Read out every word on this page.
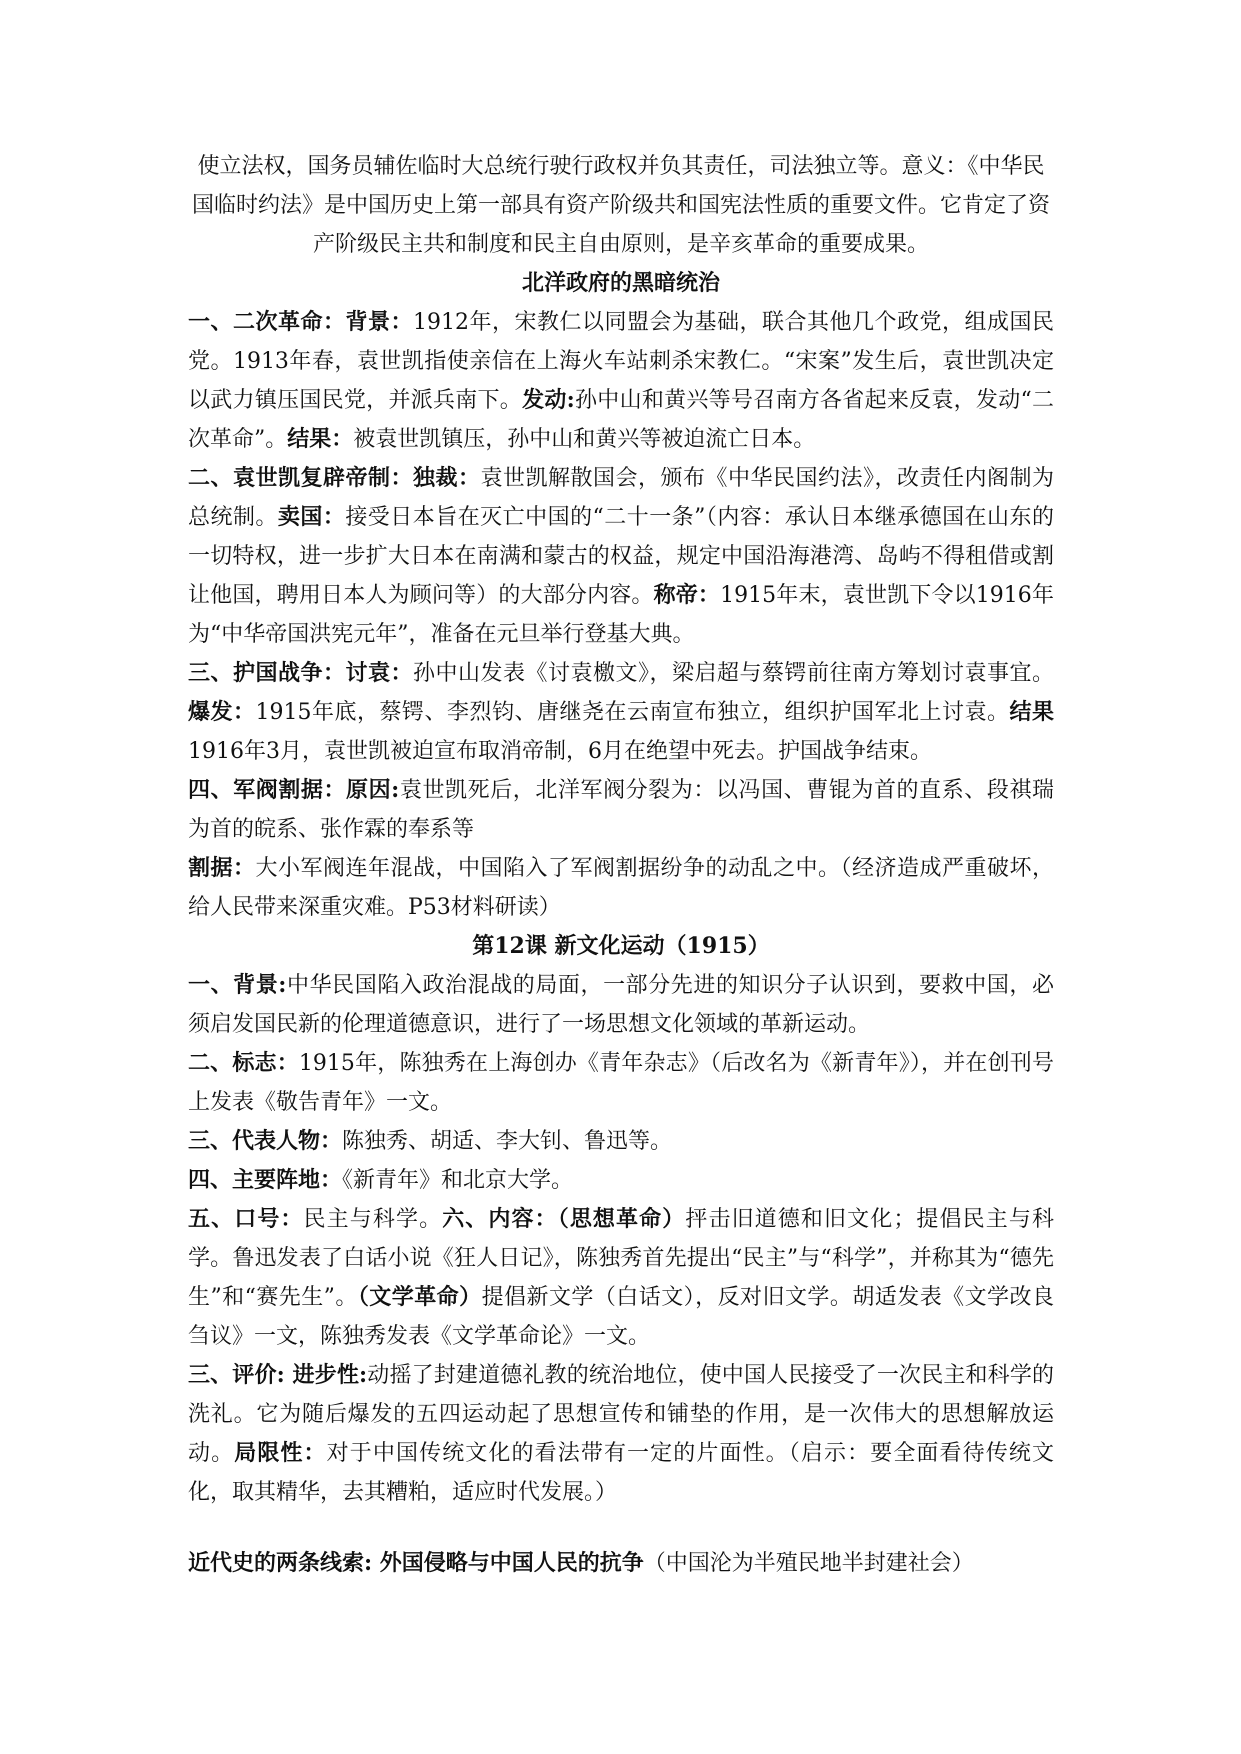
使立法权，国务员辅佐临时大总统行驶行政权并负其责任，司法独立等。意义：《中华民国临时约法》是中国历史上第一部具有资产阶级共和国宪法性质的重要文件。它肯定了资产阶级民主共和制度和民主自由原则，是辛亥革命的重要成果。

北洋政府的黑暗统治

一、二次革命：背景：1912年，宋教仁以同盟会为基础，联合其他几个政党，组成国民党。1913年春，袁世凯指使亲信在上海火车站刺杀宋教仁。“宋案”发生后，袁世凯决定以武力镇压国民党，并派兵南下。发动:孙中山和黄兴等号召南方各省起来反袁，发动“二次革命”。结果：被袁世凯镇压，孙中山和黄兴等被迫流亡日本。

二、袁世凯复辟帝制：独裁：袁世凯解散国会，颁布《中华民国约法》，改责任内阁制为总统制。卖国：接受日本旨在灭亡中国的“二十一条”（内容：承认日本继承德国在山东的一切特权，进一步扩大日本在南满和蒙古的权益，规定中国沿海港湾、岛屿不得租借或割让他国，聘用日本人为顾问等）的大部分内容。称帝：1915年末，袁世凯下令以1916年为“中华帝国洪宪元年”，准备在元旦举行登基大典。

三、护国战争：讨袁：孙中山发表《讨袁檄文》，梁启超与蔡锷前往南方筹划讨袁事宜。爆发：1915年底，蔡锷、李烈钧、唐继尧在云南宣布独立，组织护国军北上讨袁。结果 1916年3月，袁世凯被迫宣布取消帝制，6月在绝望中死去。护国战争结束。

四、军阀割据：原因:袁世凯死后，北洋军阀分裂为：以冯国、曹锟为首的直系、段祺瑞为首的皖系、张作霖的奉系等

割据：大小军阀连年混战，中国陷入了军阀割据纷争的动乱之中。（经济造成严重破坏，给人民带来深重灾难。P53材料研读）

第12课 新文化运动（1915）

一、背景:中华民国陷入政治混战的局面，一部分先进的知识分子认识到，要救中国，必须启发国民新的伦理道德意识，进行了一场思想文化领域的革新运动。

二、标志：1915年，陈独秀在上海创办《青年杂志》（后改名为《新青年》），并在创刊号上发表《敬告青年》一文。

三、代表人物：陈独秀、胡适、李大钊、鲁迅等。

四、主要阵地：《新青年》和北京大学。

五、口号：民主与科学。六、内容：（思想革命）抨击旧道德和旧文化；提倡民主与科学。鲁迅发表了白话小说《狂人日记》，陈独秀首先提出“民主”与“科学”，并称其为“德先生”和“赛先生”。（文学革命）提倡新文学（白话文），反对旧文学。胡适发表《文学改良刍议》一文，陈独秀发表《文学革命论》一文。

三、评价: 进步性:动摇了封建道德礼教的统治地位，使中国人民接受了一次民主和科学的洗礼。它为随后爆发的五四运动起了思想宣传和铺垫的作用，是一次伟大的思想解放运动。局限性：对于中国传统文化的看法带有一定的片面性。（启示：要全面看待传统文化，取其精华，去其糟粕，适应时代发展。）

近代史的两条线索: 外国侵略与中国人民的抗争（中国沦为半殖民地半封建社会）
